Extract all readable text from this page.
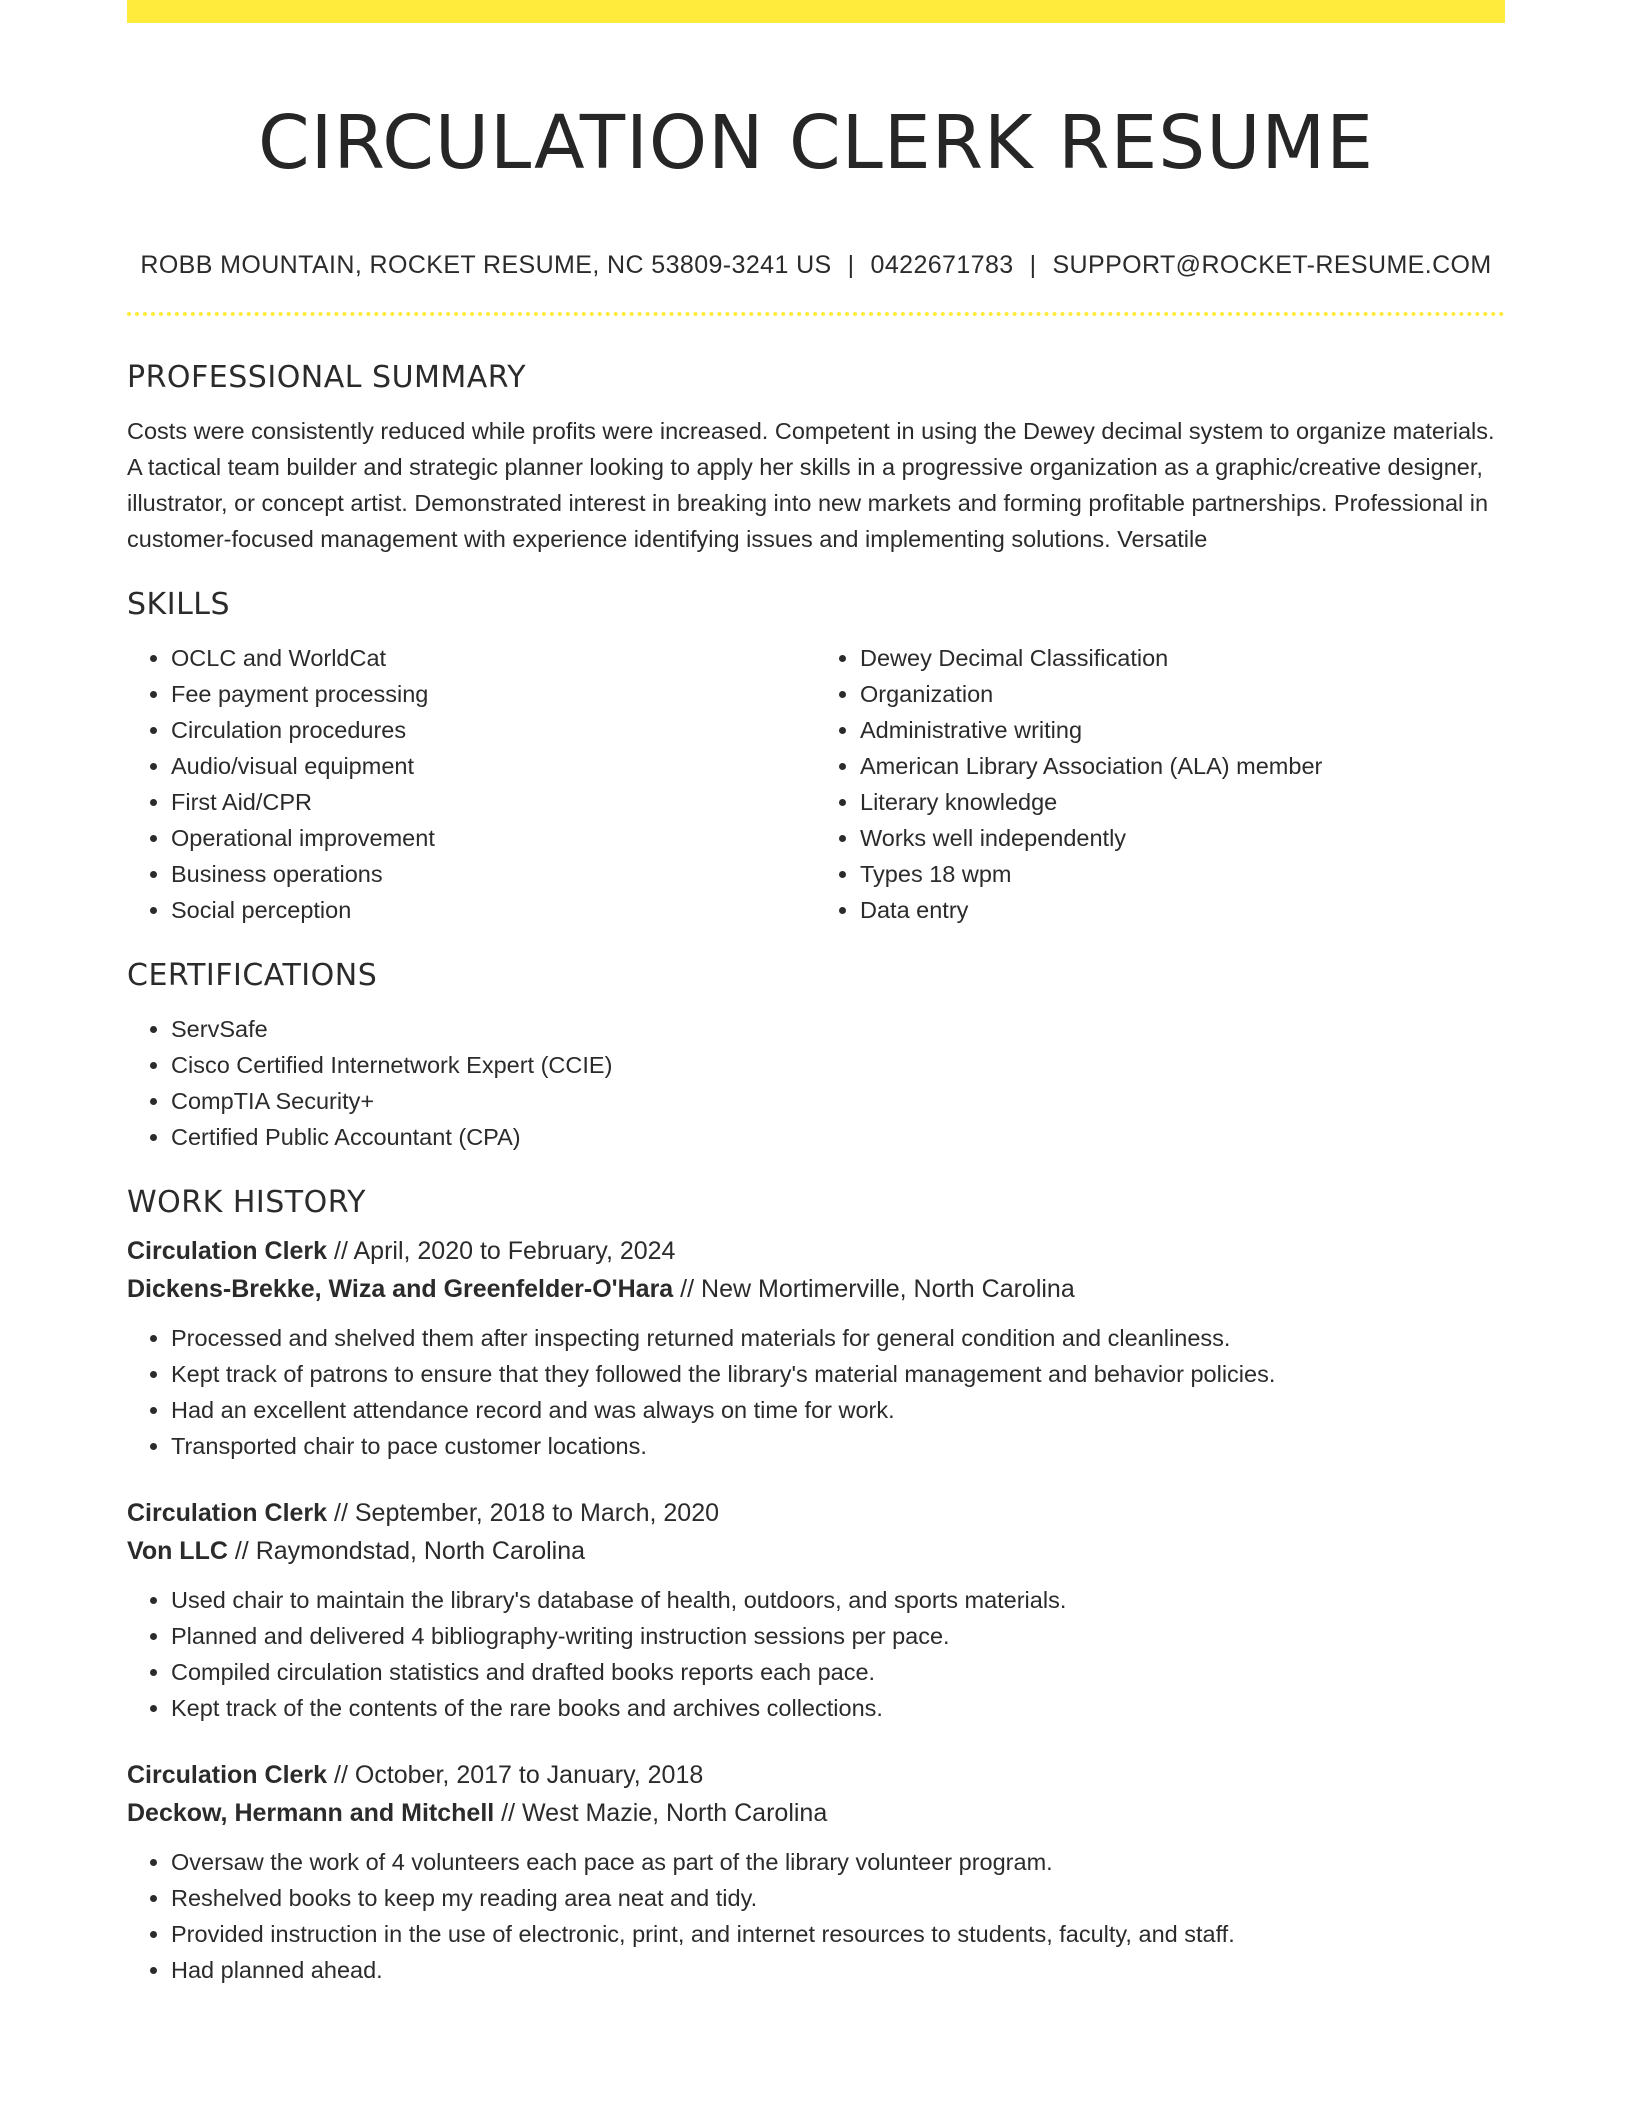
CIRCULATION CLERK RESUME
ROBB MOUNTAIN, ROCKET RESUME, NC 53809-3241 US | 0422671783 | SUPPORT@ROCKET-RESUME.COM
PROFESSIONAL SUMMARY

Costs were consistently reduced while profits were increased. Competent in using the Dewey decimal system to organize materials. A tactical team builder and strategic planner looking to apply her skills in a progressive organization as a graphic/creative designer, illustrator, or concept artist. Demonstrated interest in breaking into new markets and forming profitable partnerships. Professional in customer-focused management with experience identifying issues and implementing solutions. Versatile

SKILLS
• OCLC and WorldCat
• Fee payment processing
• Circulation procedures
• Audio/visual equipment
• First Aid/CPR
• Operational improvement
• Business operations
• Social perception
• Dewey Decimal Classification
• Organization
• Administrative writing
• American Library Association (ALA) member
• Literary knowledge
• Works well independently
• Types 18 wpm
• Data entry
CERTIFICATIONS
• ServSafe
• Cisco Certified Internetwork Expert (CCIE)
• CompTIA Security+
• Certified Public Accountant (CPA)
WORK HISTORY
Circulation Clerk // April, 2020 to February, 2024
Dickens-Brekke, Wiza and Greenfelder-O'Hara // New Mortimerville, North Carolina
• Processed and shelved them after inspecting returned materials for general condition and cleanliness.
• Kept track of patrons to ensure that they followed the library's material management and behavior policies.
• Had an excellent attendance record and was always on time for work.
• Transported chair to pace customer locations.
Circulation Clerk // September, 2018 to March, 2020
Von LLC // Raymondstad, North Carolina
• Used chair to maintain the library's database of health, outdoors, and sports materials.
• Planned and delivered 4 bibliography-writing instruction sessions per pace.
• Compiled circulation statistics and drafted books reports each pace.
• Kept track of the contents of the rare books and archives collections.
Circulation Clerk // October, 2017 to January, 2018
Deckow, Hermann and Mitchell // West Mazie, North Carolina
• Oversaw the work of 4 volunteers each pace as part of the library volunteer program.
• Reshelved books to keep my reading area neat and tidy.
• Provided instruction in the use of electronic, print, and internet resources to students, faculty, and staff.
• Had planned ahead.
